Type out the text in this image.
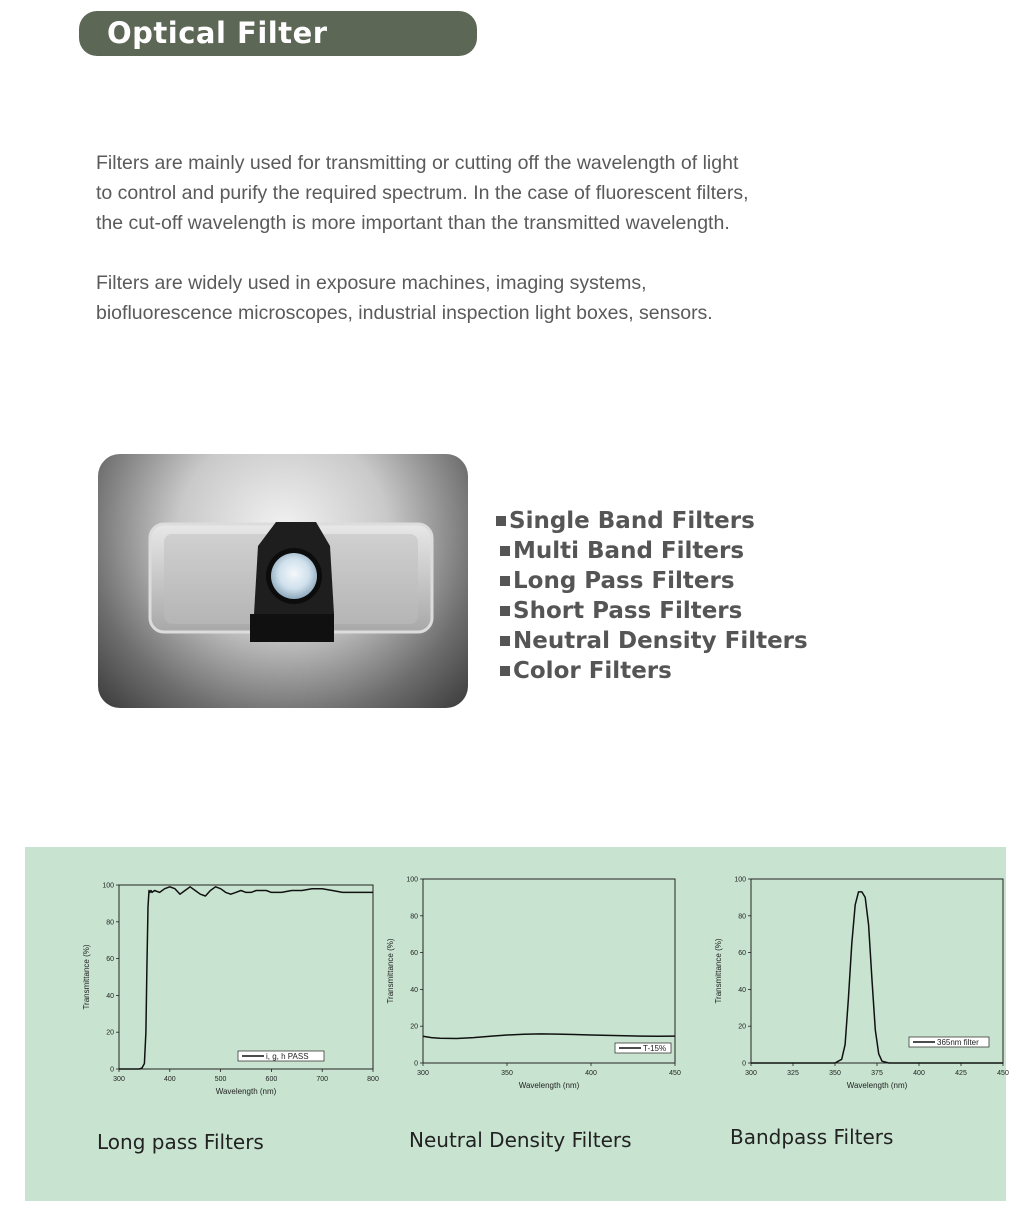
Optical Filter
Filters are mainly used for transmitting or cutting off the wavelength of light
to control and purify the required spectrum. In the case of fluorescent filters,
the cut-off wavelength is more important than the transmitted wavelength.
Filters are widely used in exposure machines, imaging systems,
biofluorescence microscopes, industrial inspection light boxes, sensors.
Single Band Filters
Multi Band Filters
Long Pass Filters
Short Pass Filters
Neutral Density Filters
Color Filters
300	400	500	600	700	800
0
20
40
60
80
100
Wavelength (nm)
Transmittance (%)
i, g, h PASS
300	350	400	450
0
20
40
60
80
100
Wavelength (nm)
Transmittance (%)
T-15%
300	325	350	375	400	425	450
0
20
40
60
80
100
Wavelength (nm)
Transmittance (%)
365nm filter
Long pass Filters	Neutral Density Filters	Bandpass Filters
